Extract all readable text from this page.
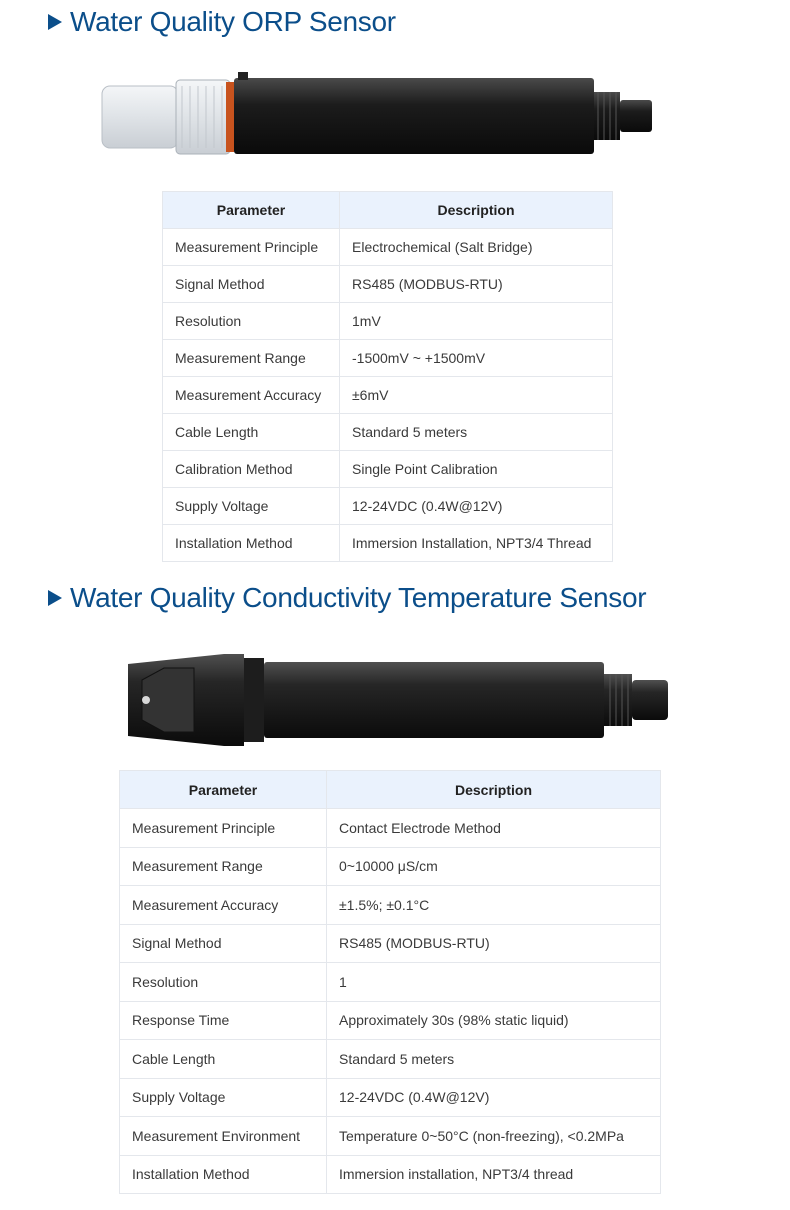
Water Quality ORP Sensor
Parameter	Description
Measurement Principle	Electrochemical (Salt Bridge)
Signal Method	RS485 (MODBUS-RTU)
Resolution	1mV
Measurement Range	-1500mV ~ +1500mV
Measurement Accuracy	±6mV
Cable Length	Standard 5 meters
Calibration Method	Single Point Calibration
Supply Voltage	12-24VDC (0.4W@12V)
Installation Method	Immersion Installation, NPT3/4 Thread
Water Quality Conductivity Temperature Sensor
Parameter	Description
Measurement Principle	Contact Electrode Method
Measurement Range	0~10000 μS/cm
Measurement Accuracy	±1.5%; ±0.1°C
Signal Method	RS485 (MODBUS-RTU)
Resolution	1
Response Time	Approximately 30s (98% static liquid)
Cable Length	Standard 5 meters
Supply Voltage	12-24VDC (0.4W@12V)
Measurement Environment	Temperature 0~50°C (non-freezing), <0.2MPa
Installation Method	Immersion installation, NPT3/4 thread
